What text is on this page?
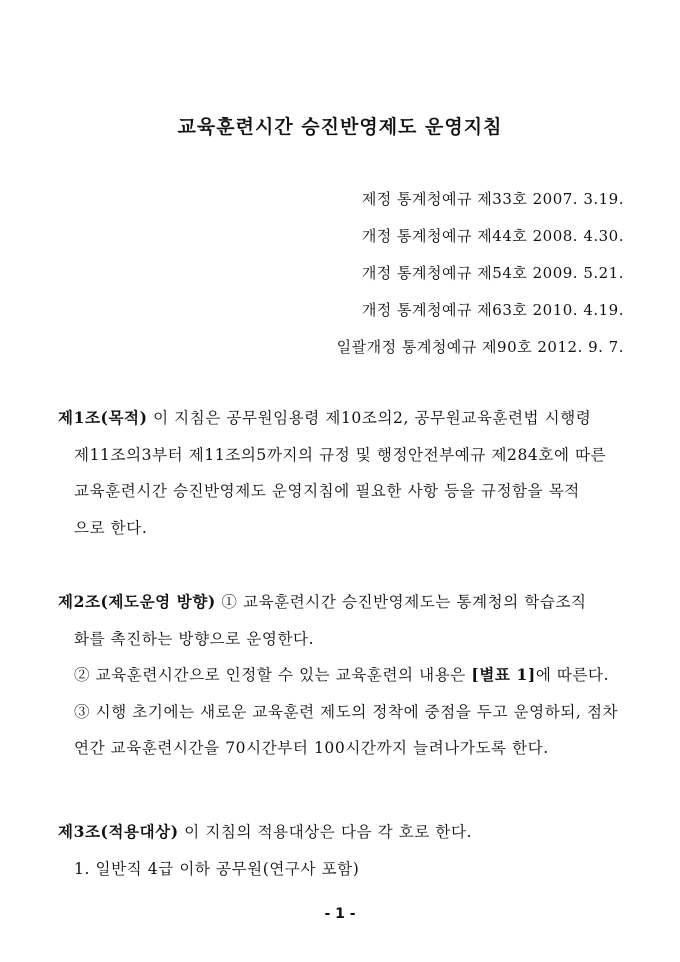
교육훈련시간 승진반영제도 운영지침
제정 통계청예규 제33호 2007. 3.19.
개정 통계청예규 제44호 2008. 4.30.
개정 통계청예규 제54호 2009. 5.21.
개정 통계청예규 제63호 2010. 4.19.
일괄개정 통계청예규 제90호 2012. 9. 7.
제1조(목적) 이 지침은 공무원임용령 제10조의2, 공무원교육훈련법 시행령
제11조의3부터 제11조의5까지의 규정 및 행정안전부예규 제284호에 따른
교육훈련시간 승진반영제도 운영지침에 필요한 사항 등을 규정함을 목적
으로 한다.
제2조(제도운영 방향) ① 교육훈련시간 승진반영제도는 통계청의 학습조직
화를 촉진하는 방향으로 운영한다.
② 교육훈련시간으로 인정할 수 있는 교육훈련의 내용은 [별표 1]에 따른다.
③ 시행 초기에는 새로운 교육훈련 제도의 정착에 중점을 두고 운영하되, 점차
연간 교육훈련시간을 70시간부터 100시간까지 늘려나가도록 한다.
제3조(적용대상) 이 지침의 적용대상은 다음 각 호로 한다.
1. 일반직 4급 이하 공무원(연구사 포함)
- 1 -
